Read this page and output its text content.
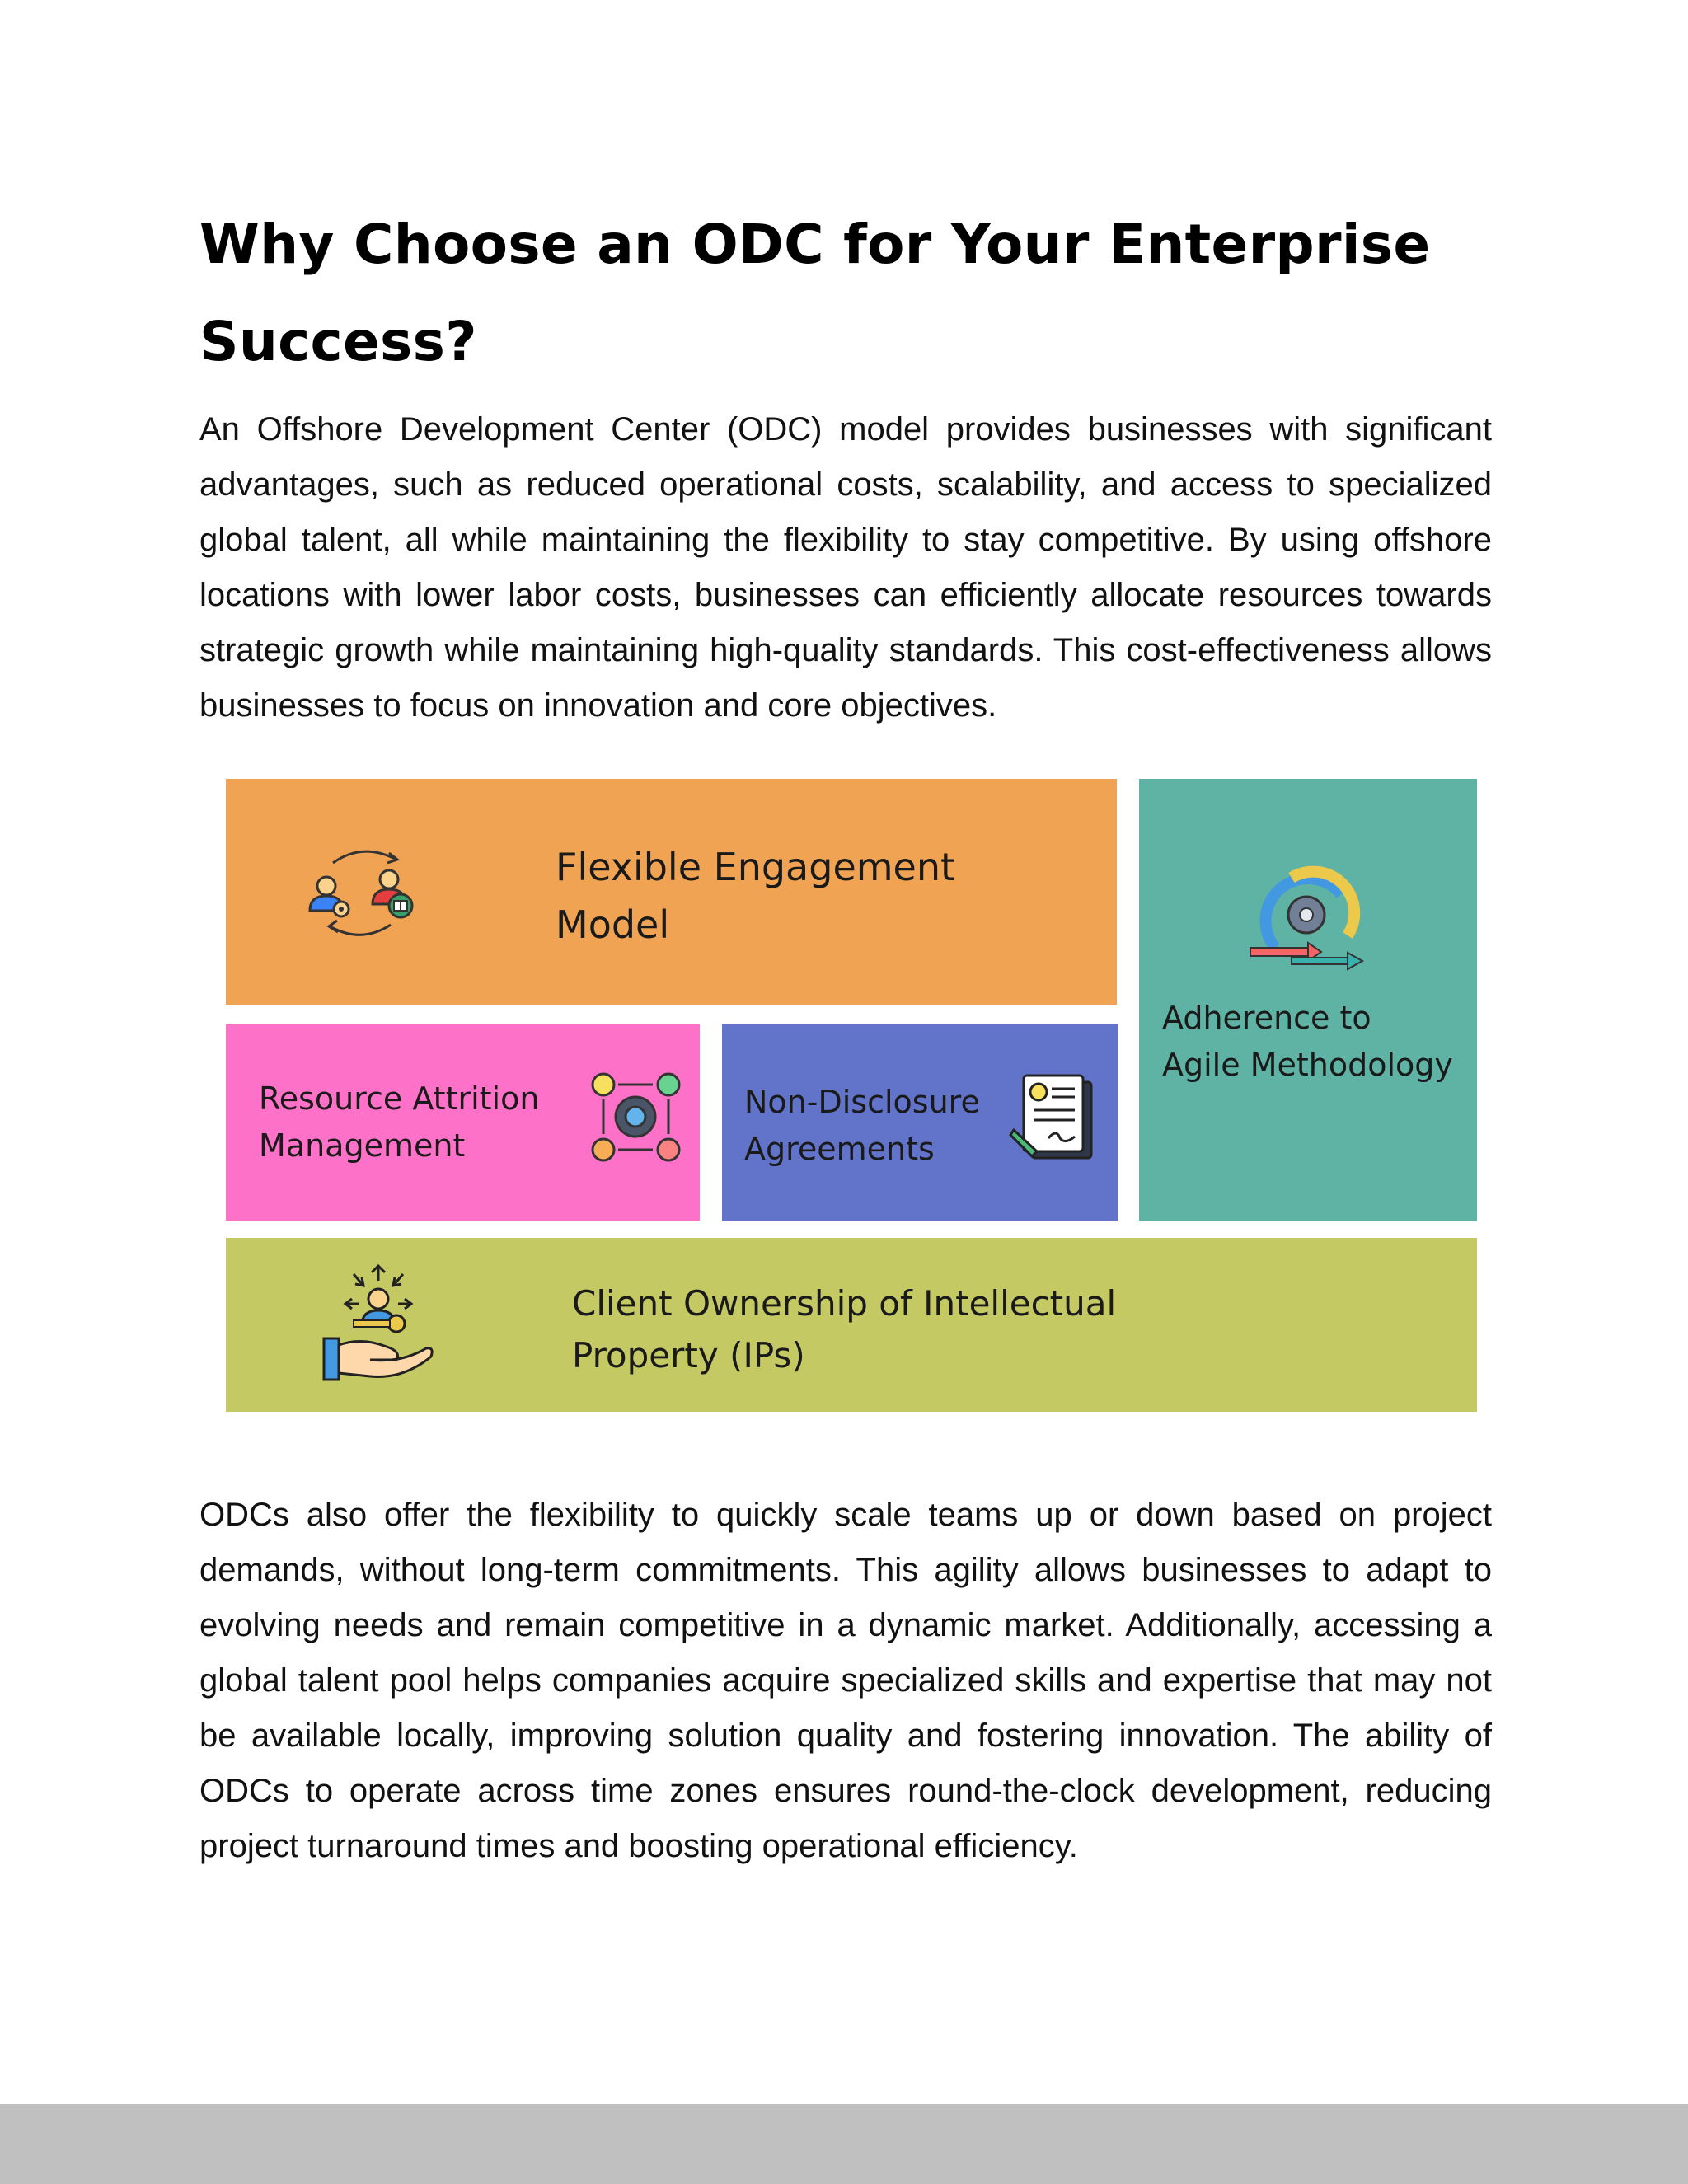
Why Choose an ODC for Your Enterprise Success?

An Offshore Development Center (ODC) model provides businesses with significant advantages, such as reduced operational costs, scalability, and access to specialized global talent, all while maintaining the flexibility to stay competitive. By using offshore locations with lower labor costs, businesses can efficiently allocate resources towards strategic growth while maintaining high-quality standards. This cost-effectiveness allows businesses to focus on innovation and core objectives.

Flexible Engagement
Model

Adherence to
Agile Methodology

Resource Attrition
Management

Non-Disclosure
Agreements

Client Ownership of Intellectual
Property (IPs)

ODCs also offer the flexibility to quickly scale teams up or down based on project demands, without long-term commitments. This agility allows businesses to adapt to evolving needs and remain competitive in a dynamic market. Additionally, accessing a global talent pool helps companies acquire specialized skills and expertise that may not be available locally, improving solution quality and fostering innovation. The ability of ODCs to operate across time zones ensures round-the-clock development, reducing project turnaround times and boosting operational efficiency.
